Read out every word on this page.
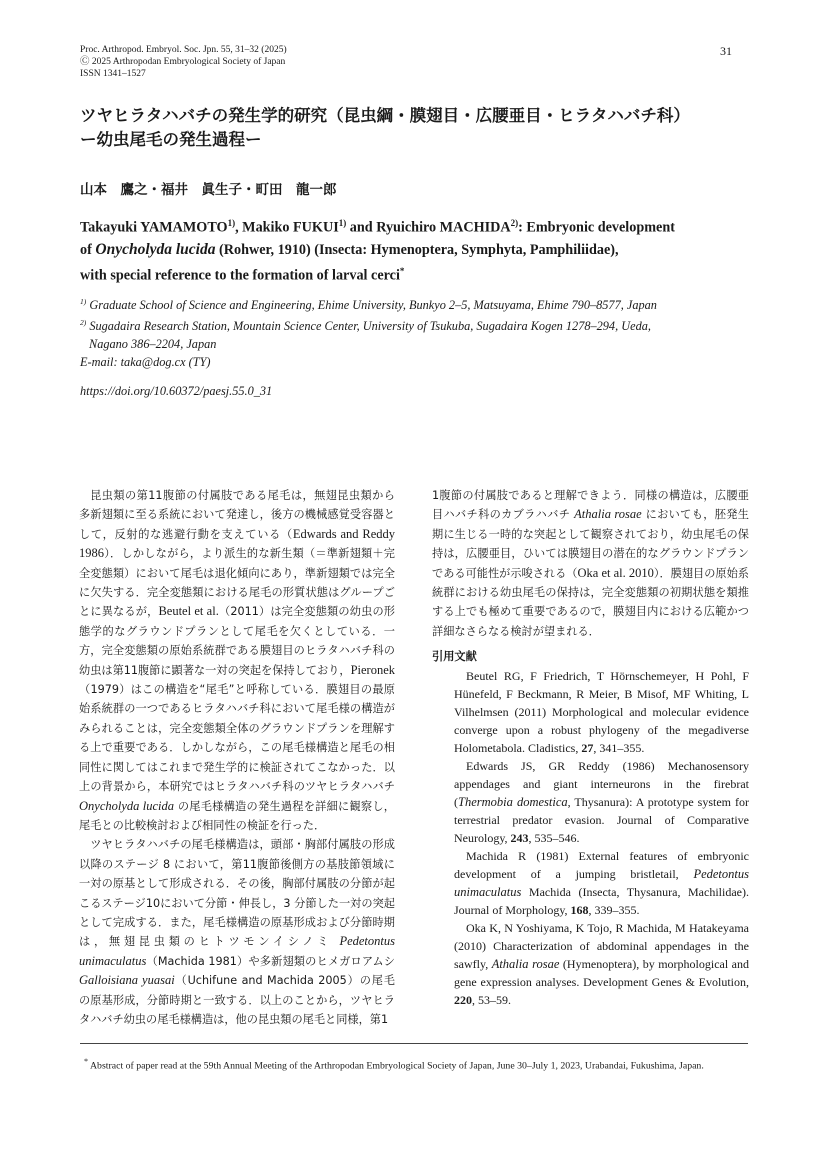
Proc. Arthropod. Embryol. Soc. Jpn. 55, 31–32 (2025)
Ⓒ 2025 Arthropodan Embryological Society of Japan
ISSN 1341–1527
31
ツヤヒラタハバチの発生学的研究（昆虫綱・膜翅目・広腰亜目・ヒラタハバチ科）
ー幼虫尾毛の発生過程ー
山本　鷹之・福井　眞生子・町田　龍一郎
Takayuki YAMAMOTO$^{1)}$, Makiko FUKUI$^{1)}$ and Ryuichiro MACHIDA$^{2)}$: Embryonic development
of Onycholyda lucida (Rohwer, 1910) (Insecta: Hymenoptera, Symphyta, Pamphiliidae),
with special reference to the formation of larval cerci*
$^{1)}$ Graduate School of Science and Engineering, Ehime University, Bunkyo 2–5, Matsuyama, Ehime 790–8577, Japan
$^{2)}$ Sugadaira Research Station, Mountain Science Center, University of Tsukuba, Sugadaira Kogen 1278–294, Ueda,
Nagano 386–2204, Japan
E-mail: taka@dog.cx (TY)
https://doi.org/10.60372/paesj.55.0_31

昆虫類の第11腹節の付属肢である尾毛は，無翅昆虫類から多新翅類に至る系統において発達し，後方の機械感覚受容器として，反射的な逃避行動を支えている（Edwards and Reddy 1986）．しかしながら，より派生的な新生類（＝準新翅類＋完全変態類）において尾毛は退化傾向にあり，準新翅類では完全に欠失する．完全変態類における尾毛の形質状態はグループごとに異なるが，Beutel et al.（2011）は完全変態類の幼虫の形態学的なグラウンドプランとして尾毛を欠くとしている．一方，完全変態類の原始系統群である膜翅目のヒラタハバチ科の幼虫は第11腹節に顕著な一対の突起を保持しており，Pieronek（1979）はこの構造を“尾毛”と呼称している．膜翅目の最原始系統群の一つであるヒラタハバチ科において尾毛様の構造がみられることは，完全変態類全体のグラウンドプランを理解する上で重要である．しかしながら，この尾毛様構造と尾毛の相同性に関してはこれまで発生学的に検証されてこなかった．以上の背景から，本研究ではヒラタハバチ科のツヤヒラタハバチ Onycholyda lucida の尾毛様構造の発生過程を詳細に観察し，尾毛との比較検討および相同性の検証を行った．

ツヤヒラタハバチの尾毛様構造は，頭部・胸部付属肢の形成以降のステージ 8 において，第11腹節後側方の基肢節領域に一対の原基として形成される．その後，胸部付属肢の分節が起こるステージ10において分節・伸長し，3 分節した一対の突起として完成する．また，尾毛様構造の原基形成および分節時期は，無翅昆虫類のヒトツモンイシノミ Pedetontus unimaculatus（Machida 1981）や多新翅類のヒメガロアムシ Galloisiana yuasai（Uchifune and Machida 2005）の尾毛の原基形成，分節時期と一致する．以上のことから，ツヤヒラタハバチ幼虫の尾毛様構造は，他の昆虫類の尾毛と同様，第1

1腹節の付属肢であると理解できよう．同様の構造は，広腰亜目ハバチ科のカブラハバチ Athalia rosae においても，胚発生期に生じる一時的な突起として観察されており，幼虫尾毛の保持は，広腰亜目，ひいては膜翅目の潜在的なグラウンドプランである可能性が示唆される（Oka et al. 2010）．膜翅目の原始系統群における幼虫尾毛の保持は，完全変態類の初期状態を類推する上でも極めて重要であるので，膜翅目内における広範かつ詳細なさらなる検討が望まれる．

引用文献

Beutel RG, F Friedrich, T Hörnschemeyer, H Pohl, F Hünefeld, F Beckmann, R Meier, B Misof, MF Whiting, L Vilhelmsen (2011) Morphological and molecular evidence converge upon a robust phylogeny of the megadiverse Holometabola. Cladistics, 27, 341–355.

Edwards JS, GR Reddy (1986) Mechanosensory appendages and giant interneurons in the firebrat (Thermobia domestica, Thysanura): A prototype system for terrestrial predator evasion. Journal of Comparative Neurology, 243, 535–546.

Machida R (1981) External features of embryonic development of a jumping bristletail, Pedetontus unimaculatus Machida (Insecta, Thysanura, Machilidae). Journal of Morphology, 168, 339–355.

Oka K, N Yoshiyama, K Tojo, R Machida, M Hatakeyama (2010) Characterization of abdominal appendages in the sawfly, Athalia rosae (Hymenoptera), by morphological and gene expression analyses. Development Genes & Evolution, 220, 53–59.

* Abstract of paper read at the 59th Annual Meeting of the Arthropodan Embryological Society of Japan, June 30–July 1, 2023, Urabandai, Fukushima, Japan.
